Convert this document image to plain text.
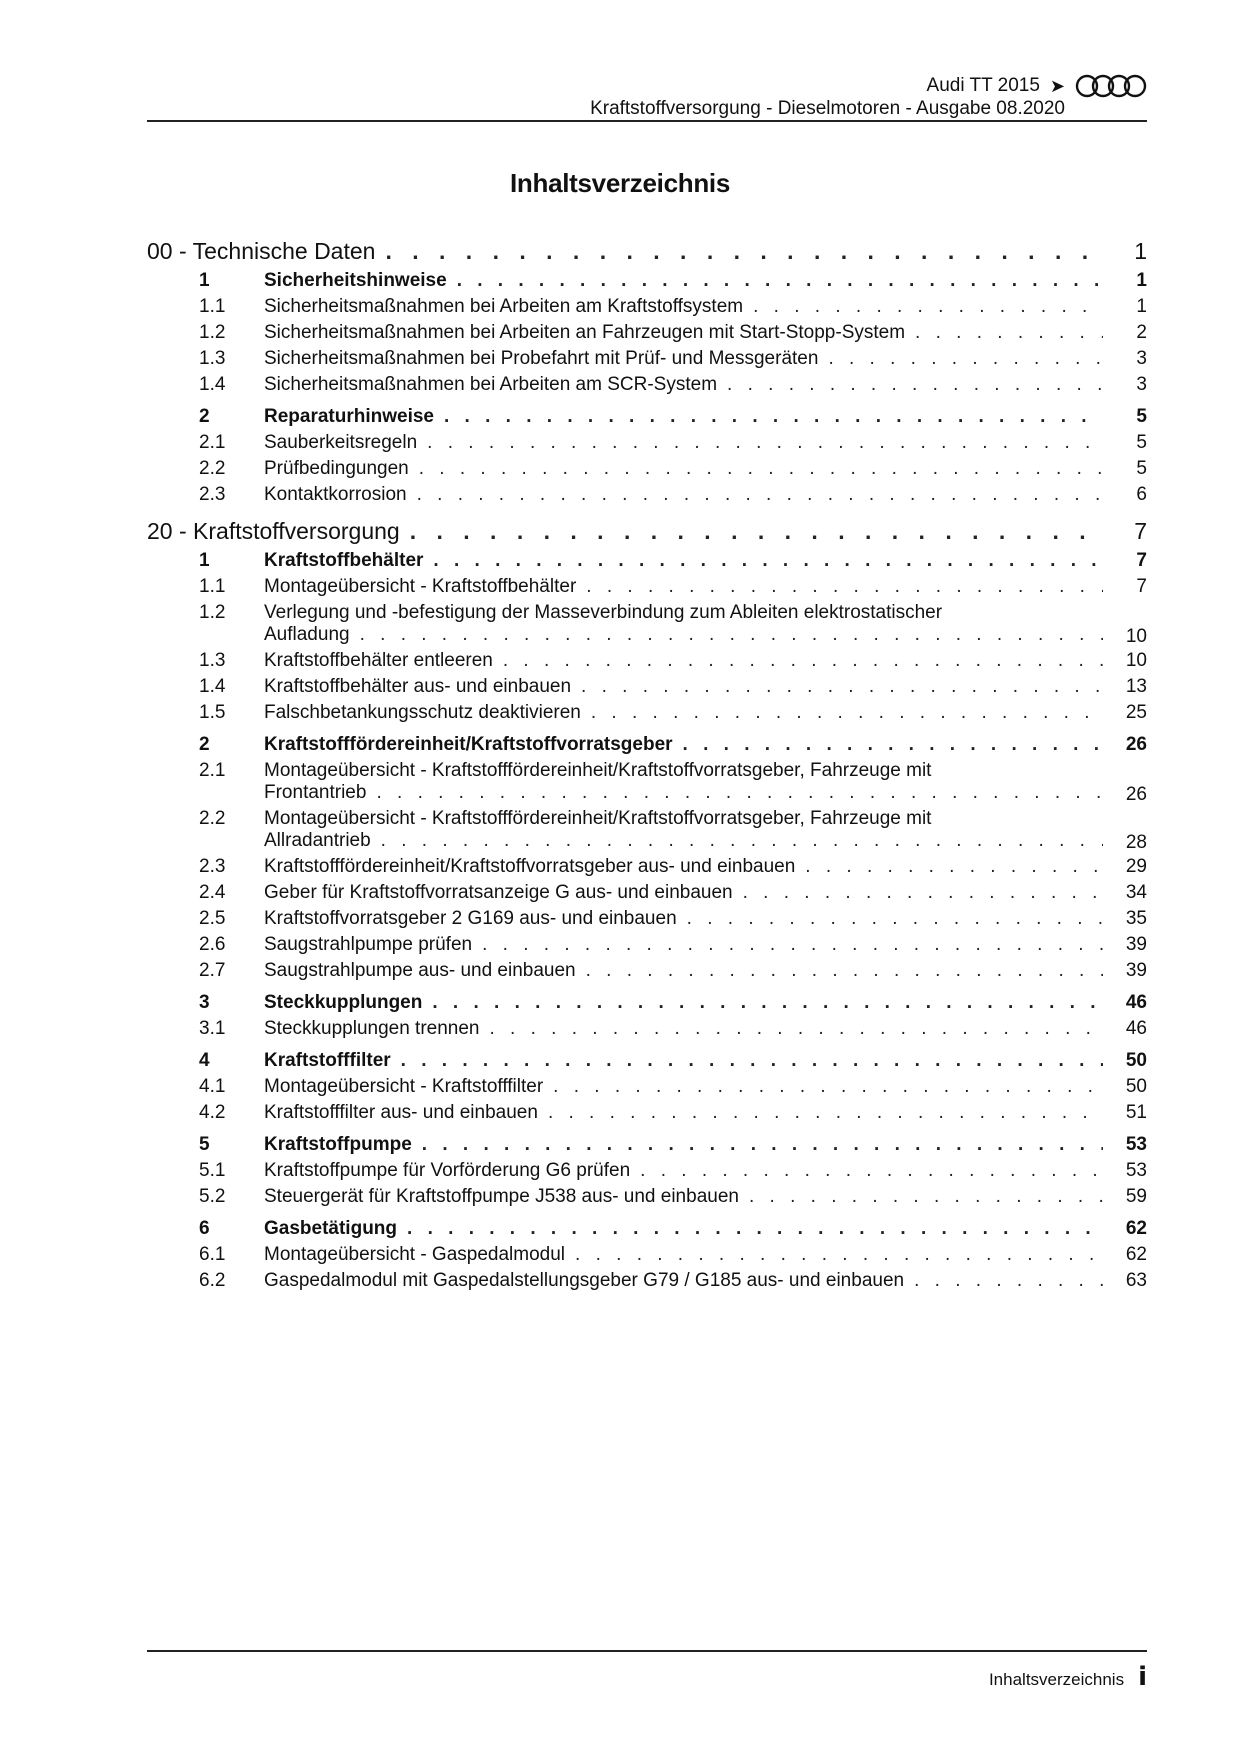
Audi TT 2015 ➤
Kraftstoffversorgung - Dieselmotoren - Ausgabe 08.2020
Inhaltsverzeichnis
00 - Technische Daten . . .	1
1	Sicherheitshinweise . . .	1
1.1	Sicherheitsmaßnahmen bei Arbeiten am Kraftstoffsystem . . .	1
1.2	Sicherheitsmaßnahmen bei Arbeiten an Fahrzeugen mit Start-Stopp-System . . .	2
1.3	Sicherheitsmaßnahmen bei Probefahrt mit Prüf- und Messgeräten . . .	3
1.4	Sicherheitsmaßnahmen bei Arbeiten am SCR-System . . .	3
2	Reparaturhinweise . . .	5
2.1	Sauberkeitsregeln . . .	5
2.2	Prüfbedingungen . . .	5
2.3	Kontaktkorrosion . . .	6
20 - Kraftstoffversorgung . . .	7
1	Kraftstoffbehälter . . .	7
1.1	Montageübersicht - Kraftstoffbehälter . . .	7
1.2	Verlegung und -befestigung der Masseverbindung zum Ableiten elektrostatischer
Aufladung . . .	10
1.3	Kraftstoffbehälter entleeren . . .	10
1.4	Kraftstoffbehälter aus- und einbauen . . .	13
1.5	Falschbetankungsschutz deaktivieren . . .	25
2	Kraftstofffördereinheit/Kraftstoffvorratsgeber . . .	26
2.1	Montageübersicht - Kraftstofffördereinheit/Kraftstoffvorratsgeber, Fahrzeuge mit
Frontantrieb . . .	26
2.2	Montageübersicht - Kraftstofffördereinheit/Kraftstoffvorratsgeber, Fahrzeuge mit
Allradantrieb . . .	28
2.3	Kraftstofffördereinheit/Kraftstoffvorratsgeber aus- und einbauen . . .	29
2.4	Geber für Kraftstoffvorratsanzeige G aus- und einbauen . . .	34
2.5	Kraftstoffvorratsgeber 2 G169 aus- und einbauen . . .	35
2.6	Saugstrahlpumpe prüfen . . .	39
2.7	Saugstrahlpumpe aus- und einbauen . . .	39
3	Steckkupplungen . . .	46
3.1	Steckkupplungen trennen . . .	46
4	Kraftstofffilter . . .	50
4.1	Montageübersicht - Kraftstofffilter . . .	50
4.2	Kraftstofffilter aus- und einbauen . . .	51
5	Kraftstoffpumpe . . .	53
5.1	Kraftstoffpumpe für Vorförderung G6 prüfen . . .	53
5.2	Steuergerät für Kraftstoffpumpe J538 aus- und einbauen . . .	59
6	Gasbetätigung . . .	62
6.1	Montageübersicht - Gaspedalmodul . . .	62
6.2	Gaspedalmodul mit Gaspedalstellungsgeber G79 / G185 aus- und einbauen . . .	63
Inhaltsverzeichnis i
